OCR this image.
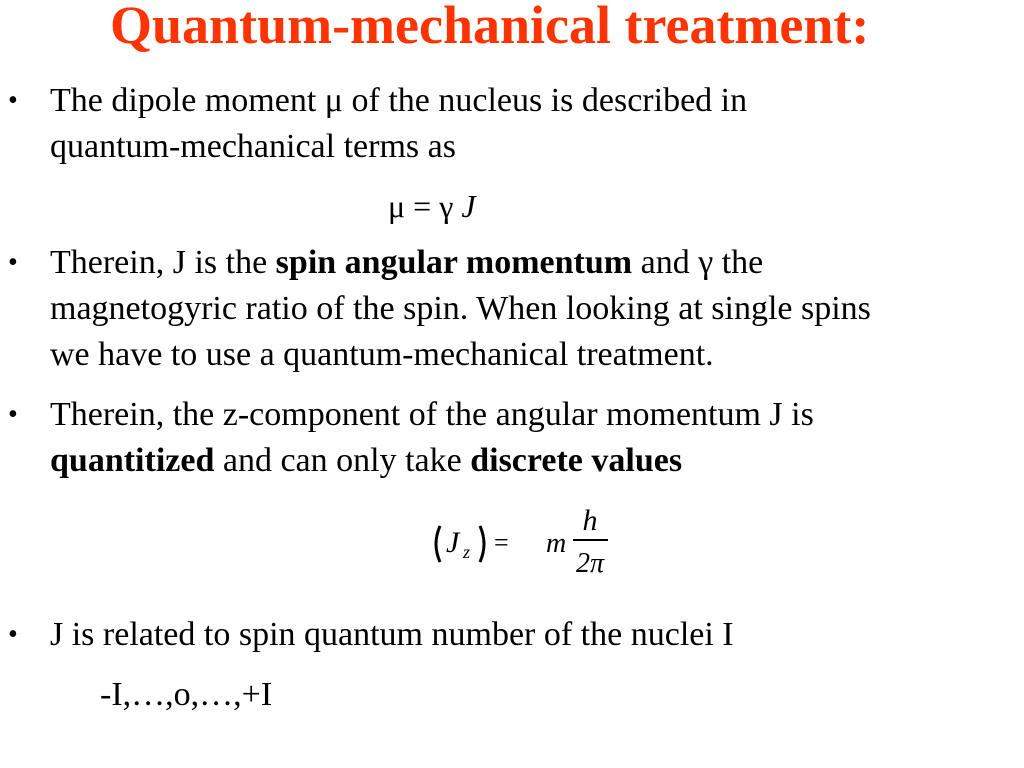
Quantum-mechanical treatment:
• The dipole moment μ of the nucleus is described in
quantum-mechanical terms as
μ = γ J
• Therein, J is the spin angular momentum and γ the
magnetogyric ratio of the spin. When looking at single spins
we have to use a quantum-mechanical treatment.
• Therein, the z-component of the angular momentum J is
quantitized and can only take discrete values
J z = m
h
2π
• J is related to spin quantum number of the nuclei I
-I,…,o,…,+I
